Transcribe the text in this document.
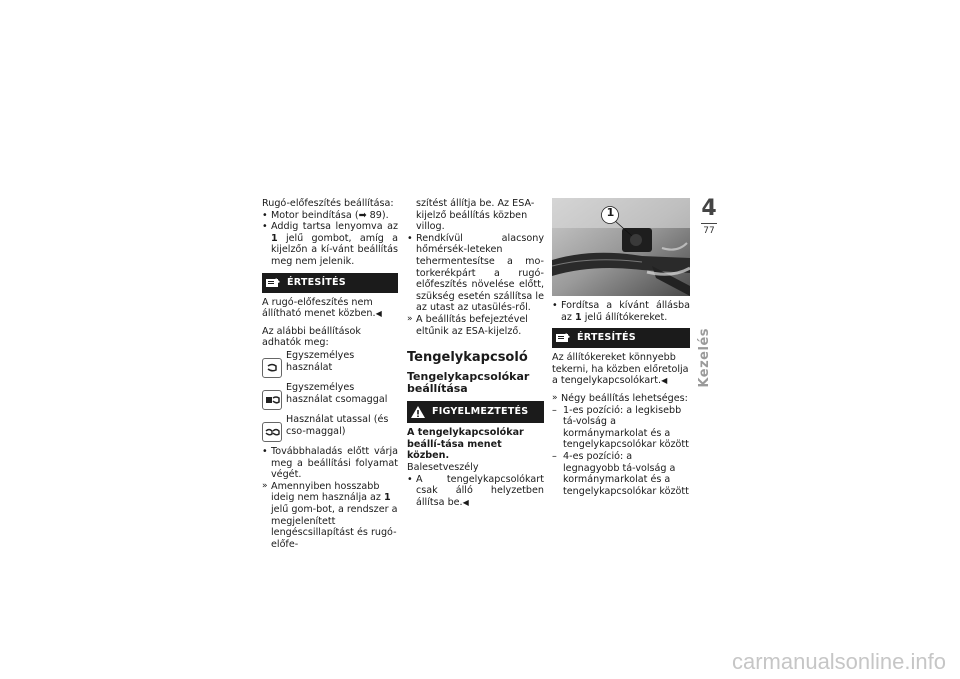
Rugó-előfeszítés beállítása:

• Motor beindítása (➡ 89).

• Addig tartsa lenyomva az 1 jelű gombot, amíg a kijelzőn a kí-vánt beállítás meg nem jelenik.

ÉRTESÍTÉS

A rugó-előfeszítés nem állítható menet közben.◀

Az alábbi beállítások adhatók meg:

Egyszemélyes használat
Egyszemélyes használat csomaggal
Használat utassal (és cso-maggal)

• Továbbhaladás előtt várja meg a beállítási folyamat végét.

» Amennyiben hosszabb ideig nem használja az 1 jelű gom-bot, a rendszer a megjelenített lengéscsillapítást és rugó-előfe-

szítést állítja be. Az ESA-kijelző beállítás közben villog.

• Rendkívül alacsony hőmérsék-leteken tehermentesítse a mo-torkerékpárt a rugó-előfeszítés növelése előtt, szükség esetén szállítsa le az utast az utasülés-ről.

» A beállítás befejeztével eltűnik az ESA-kijelző.

Tengelykapcsoló
Tengelykapcsolókar beállítása
FIGYELMEZTETÉS

A tengelykapcsolókar beállí-tása menet közben.

Balesetveszély

• A tengelykapcsolókart csak álló helyzetben állítsa be.◀

1

• Fordítsa a kívánt állásba az 1 jelű állítókereket.

ÉRTESÍTÉS

Az állítókereket könnyebb tekerni, ha közben előretolja a tengelykapcsolókart.◀

» Négy beállítás lehetséges:

– 1-es pozíció: a legkisebb tá-volság a kormánymarkolat és a tengelykapcsolókar között

– 4-es pozíció: a legnagyobb tá-volság a kormánymarkolat és a tengelykapcsolókar között

4
77
Kezelés
carmanualsonline.info
